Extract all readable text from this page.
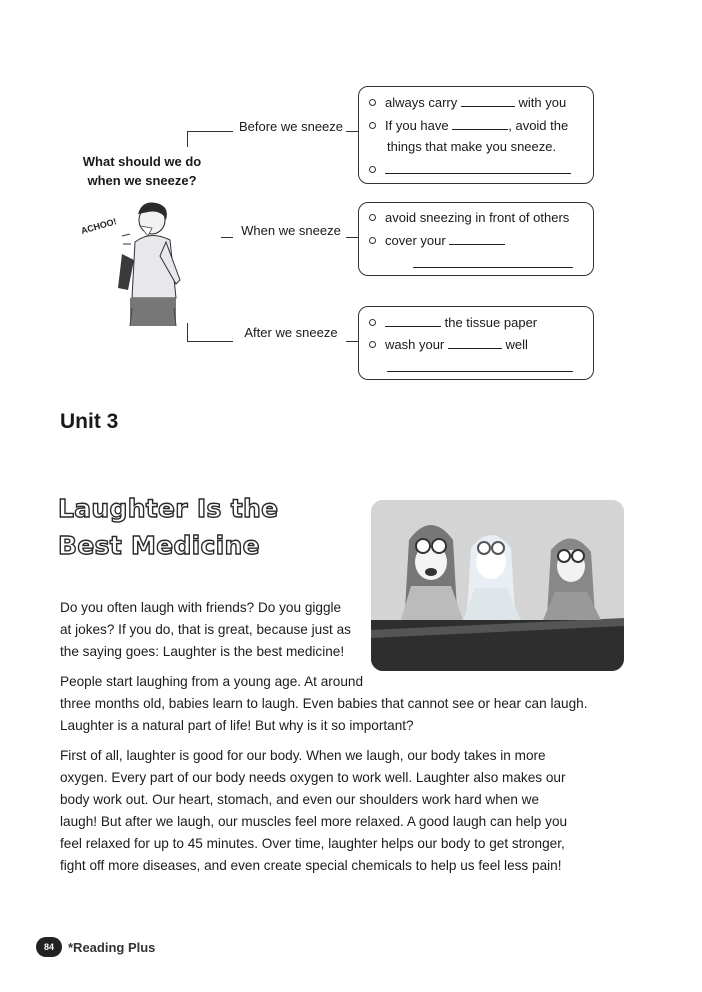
What should we do when we sneeze?
ACHOO!
Before we sneeze
When we sneeze
After we sneeze
always carry	with you
If you have	, avoid the
things that make you sneeze.
avoid sneezing in front of others
cover your
the tissue paper
wash your	well
Unit 3
Laughter Is the
Best Medicine
Do you often laugh with friends? Do you giggle
at jokes? If you do, that is great, because just as
the saying goes: Laughter is the best medicine!
People start laughing from a young age. At around
three months old, babies learn to laugh. Even babies that cannot see or hear can laugh.
Laughter is a natural part of life! But why is it so important?
First of all, laughter is good for our body. When we laugh, our body takes in more
oxygen. Every part of our body needs oxygen to work well. Laughter also makes our
body work out. Our heart, stomach, and even our shoulders work hard when we
laugh! But after we laugh, our muscles feel more relaxed. A good laugh can help you
feel relaxed for up to 45 minutes. Over time, laughter helps our body to get stronger,
fight off more diseases, and even create special chemicals to help us feel less pain!
84	*Reading Plus
